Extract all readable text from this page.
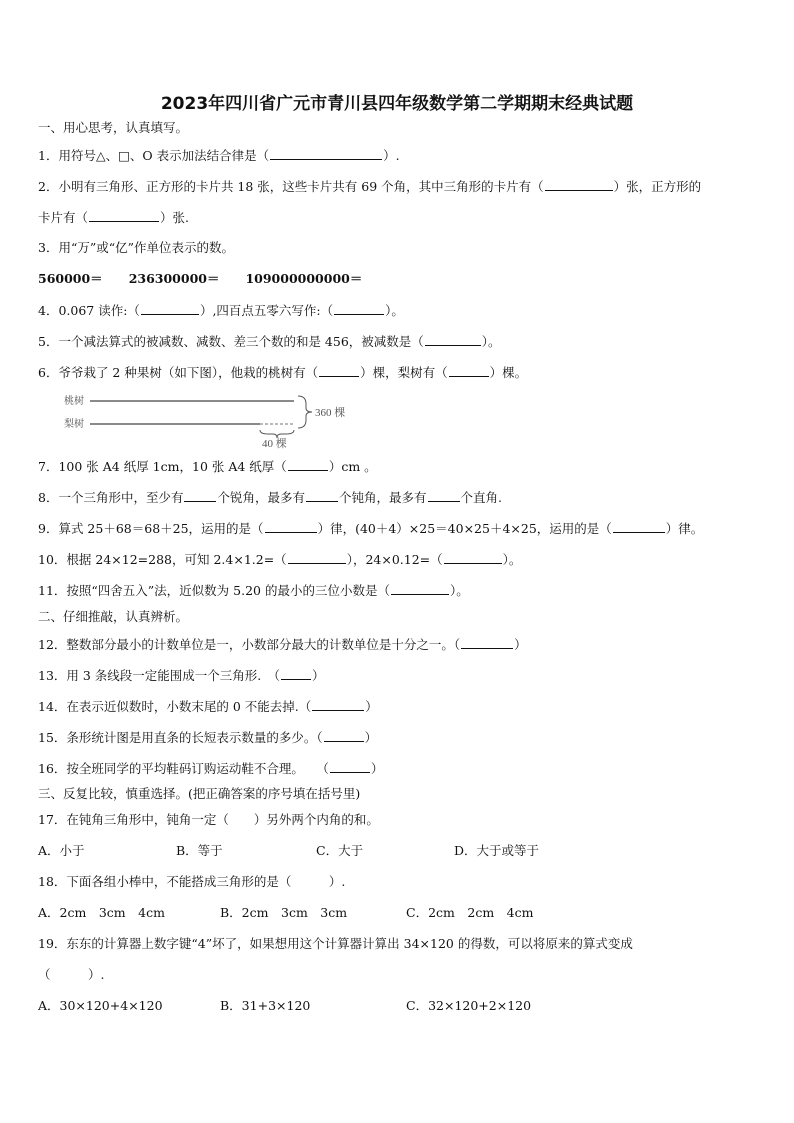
2023年四川省广元市青川县四年级数学第二学期期末经典试题
一、用心思考，认真填写。
1．用符号△、□、O 表示加法结合律是（	）.
2．小明有三角形、正方形的卡片共 18 张，这些卡片共有 69 个角，其中三角形的卡片有（	）张，正方形的
卡片有（	）张.
3．用“万”或“亿”作单位表示的数。
560000＝ 236300000＝ 109000000000＝
4．0.067 读作:（	）,四百点五零六写作:（	）。
5．一个减法算式的被减数、减数、差三个数的和是 456，被减数是（	）。
6．爷爷栽了 2 种果树（如下图），他栽的桃树有（	）棵，梨树有（	）棵。
桃树
梨树
360 棵
40 棵
7．100 张 A4 纸厚 1cm，10 张 A4 纸厚（	）cm 。
8．一个三角形中，至少有	个锐角，最多有	个钝角，最多有	个直角.
9．算式 25＋68＝68＋25，运用的是（	）律，(40＋4）×25＝40×25＋4×25，运用的是（	）律。
10．根据 24×12=288，可知 2.4×1.2=（	），24×0.12=（	）。
11．按照“四舍五入”法，近似数为 5.20 的最小的三位小数是（	）。
二、仔细推敲，认真辨析。
12．整数部分最小的计数单位是一，小数部分最大的计数单位是十分之一。（	）
13．用 3 条线段一定能围成一个三角形.　（	）
14．在表示近似数时，小数末尾的 0 不能去掉.（	）
15．条形统计图是用直条的长短表示数量的多少。（	）
16．按全班同学的平均鞋码订购运动鞋不合理。　　（	）
三、反复比较，慎重选择。(把正确答案的序号填在括号里)
17．在钝角三角形中，钝角一定（　　）另外两个内角的和。
A．小于	B．等于	C．大于	D．大于或等于
18．下面各组小棒中，不能搭成三角形的是（　　　）.
A．2cm　3cm　4cm	B．2cm　3cm　3cm	C．2cm　2cm　4cm
19．东东的计算器上数字键“4”坏了，如果想用这个计算器计算出 34×120 的得数，可以将原来的算式变成
（　　　）.
A．30×120+4×120	B．31+3×120	C．32×120+2×120
